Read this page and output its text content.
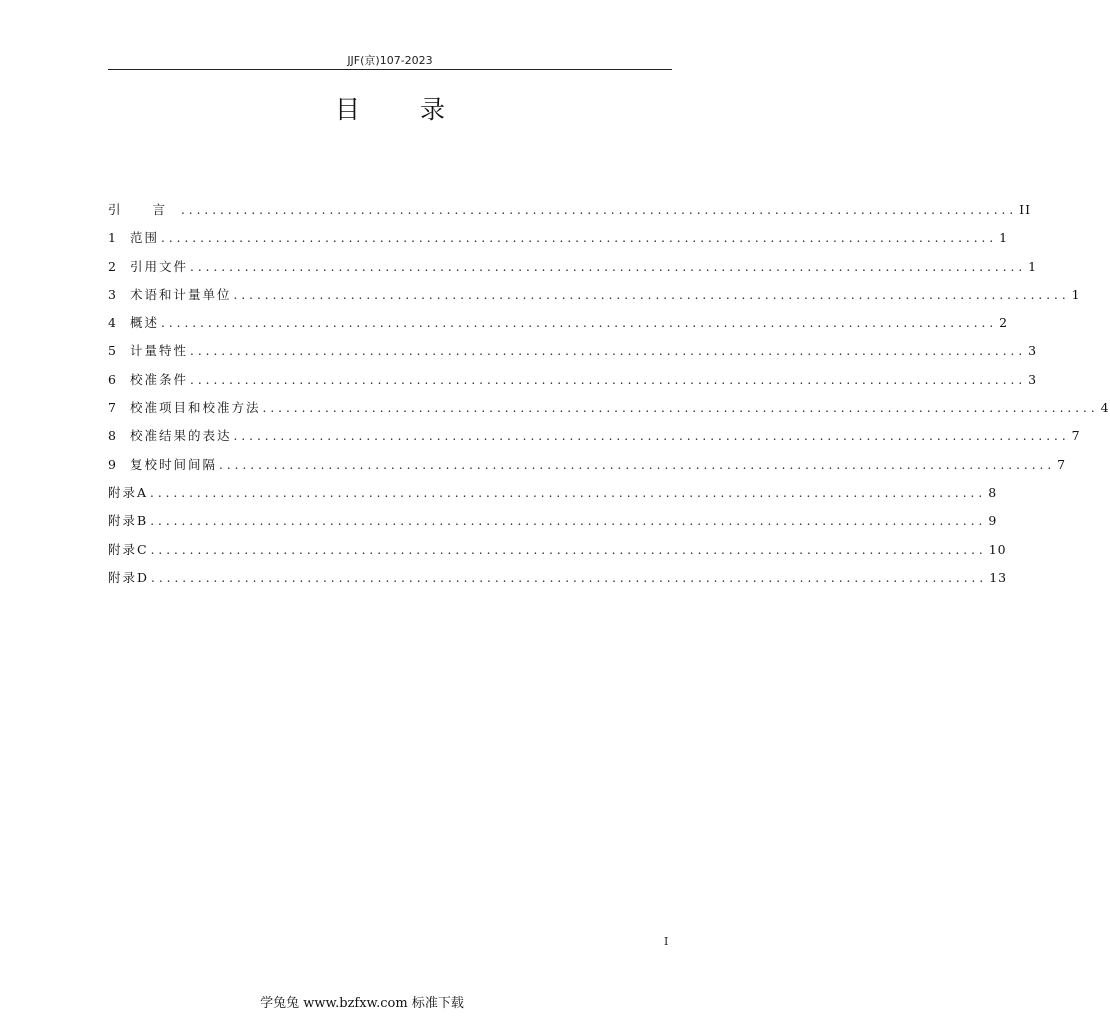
JJF(京)107-2023
目 录
引 言 ........................................................................................................... II
1	范围 ........................................................................................................... 1
2	引用文件 ........................................................................................................... 1
3	术语和计量单位 ........................................................................................................... 1
4	概述 ........................................................................................................... 2
5	计量特性 ........................................................................................................... 3
6	校准条件 ........................................................................................................... 3
7	校准项目和校准方法 ........................................................................................................... 4
8	校准结果的表达 ........................................................................................................... 7
9	复校时间间隔 ........................................................................................................... 7
附录A ........................................................................................................... 8
附录B ........................................................................................................... 9
附录C ........................................................................................................... 10
附录D ........................................................................................................... 13
I
学兔兔 www.bzfxw.com 标准下载
